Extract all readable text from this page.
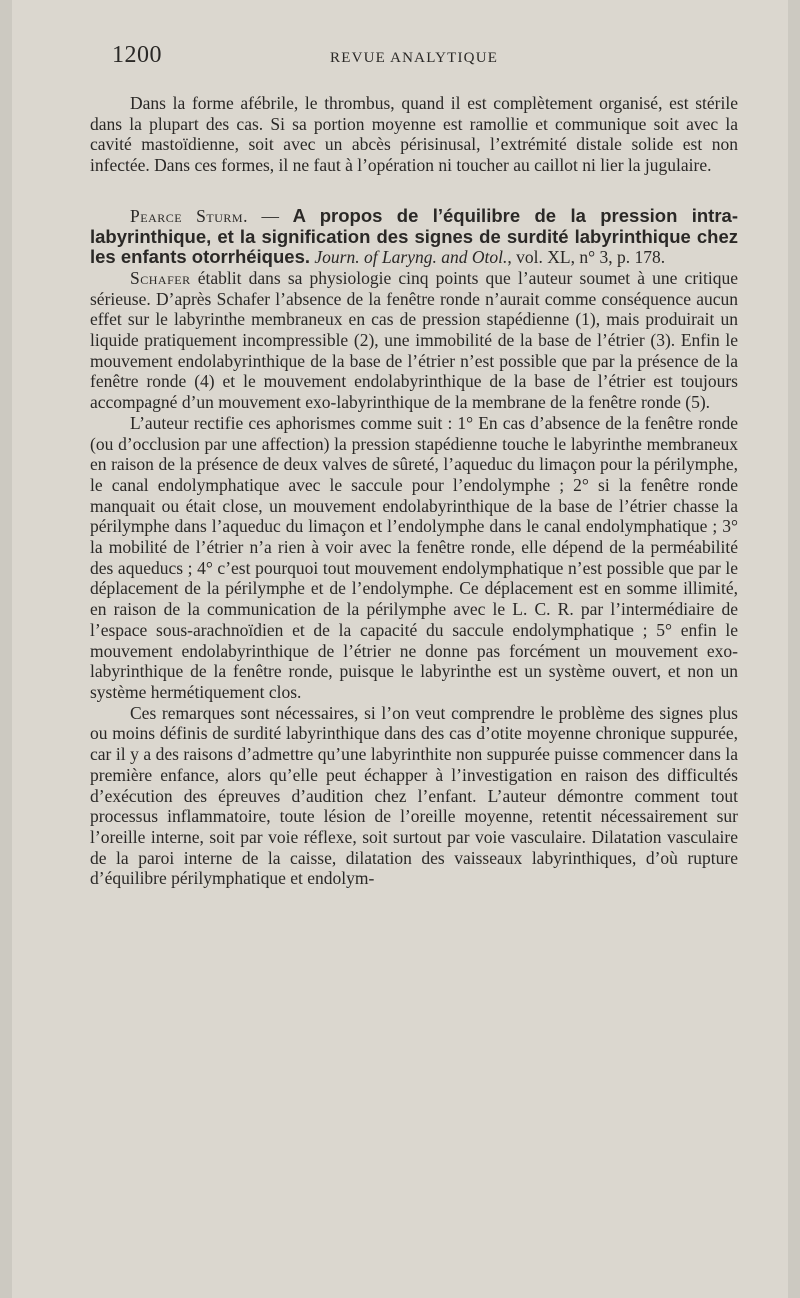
1200	REVUE ANALYTIQUE

Dans la forme afébrile, le thrombus, quand il est complètement organisé, est stérile dans la plupart des cas. Si sa portion moyenne est ramollie et communique soit avec la cavité mastoïdienne, soit avec un abcès périsinusal, l’extrémité distale solide est non infectée. Dans ces formes, il ne faut à l’opération ni toucher au caillot ni lier la jugulaire.

Pearce Sturm. — A propos de l’équilibre de la pression intra-labyrinthique, et la signification des signes de surdité labyrinthique chez les enfants otorrhéiques. Journ. of Laryng. and Otol., vol. XL, n° 3, p. 178.

Schafer établit dans sa physiologie cinq points que l’auteur soumet à une critique sérieuse. D’après Schafer l’absence de la fenêtre ronde n’aurait comme conséquence aucun effet sur le labyrinthe membraneux en cas de pression stapédienne (1), mais produirait un liquide pratiquement incompressible (2), une immobilité de la base de l’étrier (3). Enfin le mouvement endolabyrinthique de la base de l’étrier n’est possible que par la présence de la fenêtre ronde (4) et le mouvement endolabyrinthique de la base de l’étrier est toujours accompagné d’un mouvement exo-labyrinthique de la membrane de la fenêtre ronde (5).

L’auteur rectifie ces aphorismes comme suit : 1° En cas d’absence de la fenêtre ronde (ou d’occlusion par une affection) la pression stapédienne touche le labyrinthe membraneux en raison de la présence de deux valves de sûreté, l’aqueduc du limaçon pour la périlymphe, le canal endolymphatique avec le saccule pour l’endolymphe ; 2° si la fenêtre ronde manquait ou était close, un mouvement endolabyrinthique de la base de l’étrier chasse la périlymphe dans l’aqueduc du limaçon et l’endolymphe dans le canal endolymphatique ; 3° la mobilité de l’étrier n’a rien à voir avec la fenêtre ronde, elle dépend de la perméabilité des aqueducs ; 4° c’est pourquoi tout mouvement endolymphatique n’est possible que par le déplacement de la périlymphe et de l’endolymphe. Ce déplacement est en somme illimité, en raison de la communication de la périlymphe avec le L. C. R. par l’intermédiaire de l’espace sous-arachnoïdien et de la capacité du saccule endolymphatique ; 5° enfin le mouvement endolabyrinthique de l’étrier ne donne pas forcément un mouvement exo-labyrinthique de la fenêtre ronde, puisque le labyrinthe est un système ouvert, et non un système hermétiquement clos.

Ces remarques sont nécessaires, si l’on veut comprendre le problème des signes plus ou moins définis de surdité labyrinthique dans des cas d’otite moyenne chronique suppurée, car il y a des raisons d’admettre qu’une labyrinthite non suppurée puisse commencer dans la première enfance, alors qu’elle peut échapper à l’investigation en raison des difficultés d’exécution des épreuves d’audition chez l’enfant. L’auteur démontre comment tout processus inflammatoire, toute lésion de l’oreille moyenne, retentit nécessairement sur l’oreille interne, soit par voie réflexe, soit surtout par voie vasculaire. Dilatation vasculaire de la paroi interne de la caisse, dilatation des vaisseaux labyrinthiques, d’où rupture d’équilibre périlymphatique et endolym-
